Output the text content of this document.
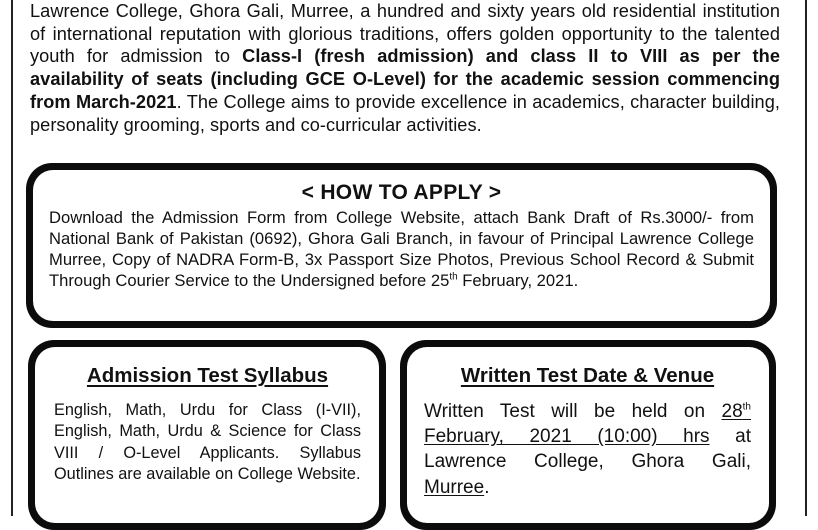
Lawrence College, Ghora Gali, Murree, a hundred and sixty years old residential institution of international reputation with glorious traditions, offers golden opportunity to the talented youth for admission to Class-I (fresh admission) and class II to VIII as per the availability of seats (including GCE O-Level) for the academic session commencing from March-2021. The College aims to provide excellence in academics, character building, personality grooming, sports and co-curricular activities.
< HOW TO APPLY >
Download the Admission Form from College Website, attach Bank Draft of Rs.3000/- from National Bank of Pakistan (0692), Ghora Gali Branch, in favour of Principal Lawrence College Murree, Copy of NADRA Form-B, 3x Passport Size Photos, Previous School Record & Submit Through Courier Service to the Undersigned before 25th February, 2021.
Admission Test Syllabus
English, Math, Urdu for Class (I-VII), English, Math, Urdu & Science for Class VIII / O-Level Applicants. Syllabus Outlines are available on College Website.
Written Test Date & Venue
Written Test will be held on 28th February, 2021 (10:00) hrs at Lawrence College, Ghora Gali, Murree.
